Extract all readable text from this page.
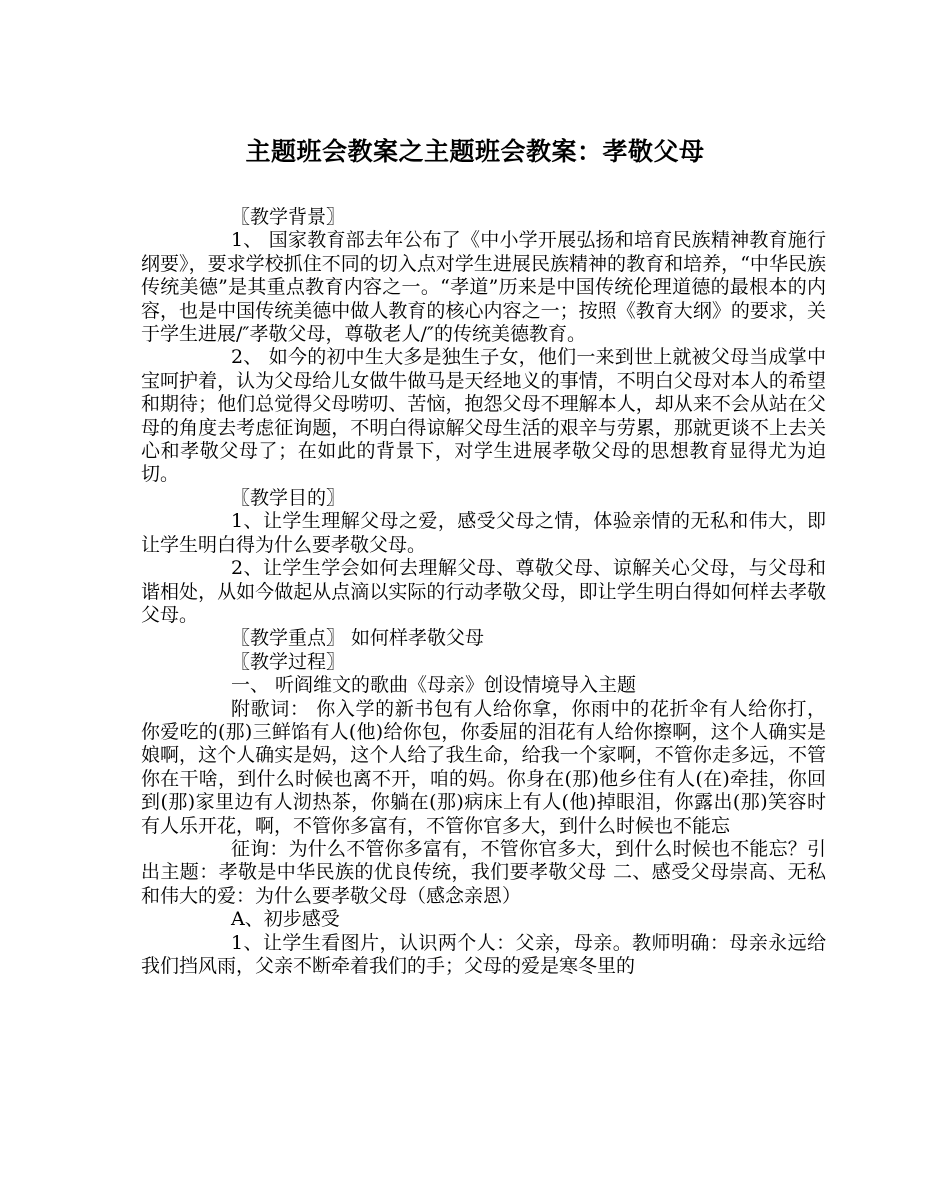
主题班会教案之主题班会教案：孝敬父母

〖教学背景〗

1、 国家教育部去年公布了《中小学开展弘扬和培育民族精神教育施行纲要》，要求学校抓住不同的切入点对学生进展民族精神的教育和培养，“中华民族传统美德”是其重点教育内容之一。“孝道”历来是中国传统伦理道德的最根本的内容，也是中国传统美德中做人教育的核心内容之一；按照《教育大纲》的要求，关于学生进展/″孝敬父母，尊敬老人/″的传统美德教育。

2、 如今的初中生大多是独生子女，他们一来到世上就被父母当成掌中宝呵护着，认为父母给儿女做牛做马是天经地义的事情，不明白父母对本人的希望和期待；他们总觉得父母唠叨、苦恼，抱怨父母不理解本人，却从来不会从站在父母的角度去考虑征询题，不明白得谅解父母生活的艰辛与劳累，那就更谈不上去关心和孝敬父母了；在如此的背景下，对学生进展孝敬父母的思想教育显得尤为迫切。

〖教学目的〗

1、让学生理解父母之爱，感受父母之情，体验亲情的无私和伟大，即让学生明白得为什么要孝敬父母。

2、让学生学会如何去理解父母、尊敬父母、谅解关心父母，与父母和谐相处，从如今做起从点滴以实际的行动孝敬父母，即让学生明白得如何样去孝敬父母。

〖教学重点〗 如何样孝敬父母

〖教学过程〗

一、 听阎维文的歌曲《母亲》创设情境导入主题

附歌词： 你入学的新书包有人给你拿，你雨中的花折伞有人给你打， 你爱吃的(那)三鲜馅有人(他)给你包，你委屈的泪花有人给你擦啊，这个人确实是娘啊，这个人确实是妈，这个人给了我生命，给我一个家啊，不管你走多远，不管你在干啥，到什么时候也离不开，咱的妈。你身在(那)他乡住有人(在)牵挂，你回到(那)家里边有人沏热茶，你躺在(那)病床上有人(他)掉眼泪，你露出(那)笑容时有人乐开花，啊，不管你多富有，不管你官多大，到什么时候也不能忘

征询：为什么不管你多富有，不管你官多大，到什么时候也不能忘？引出主题：孝敬是中华民族的优良传统，我们要孝敬父母 二、感受父母崇高、无私和伟大的爱：为什么要孝敬父母（感念亲恩）

A、初步感受

1、让学生看图片，认识两个人：父亲，母亲。教师明确：母亲永远给我们挡风雨，父亲不断牵着我们的手；父母的爱是寒冬里的
